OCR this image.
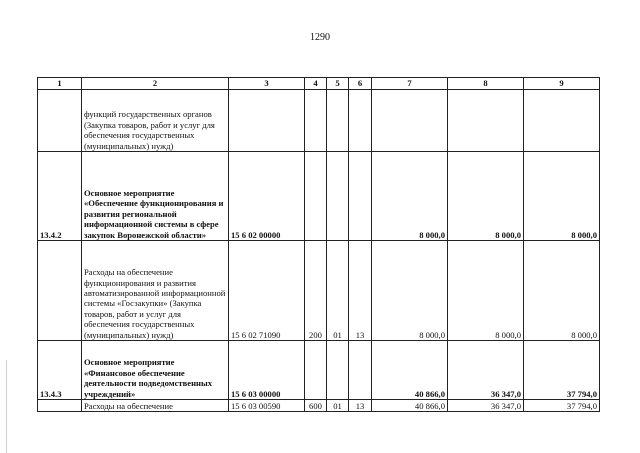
1290
1	2	3	4	5	6	7	8	9
	функций государственных органов (Закупка товаров, работ и услуг для обеспечения государственных (муниципальных) нужд)							
13.4.2	Основное мероприятие «Обеспечение функционирования и развития региональной информационной системы в сфере закупок Воронежской области»	15 6 02 00000				8 000,0	8 000,0	8 000,0
	Расходы на обеспечение функционирования и развития автоматизированной информационной системы «Госзакупки» (Закупка товаров, работ и услуг для обеспечения государственных (муниципальных) нужд)	15 6 02 71090	200	01	13	8 000,0	8 000,0	8 000,0
13.4.3	Основное мероприятие «Финансовое обеспечение деятельности подведомственных учреждений»	15 6 03 00000				40 866,0	36 347,0	37 794,0
	Расходы на обеспечение	15 6 03 00590	600	01	13	40 866,0	36 347,0	37 794,0
